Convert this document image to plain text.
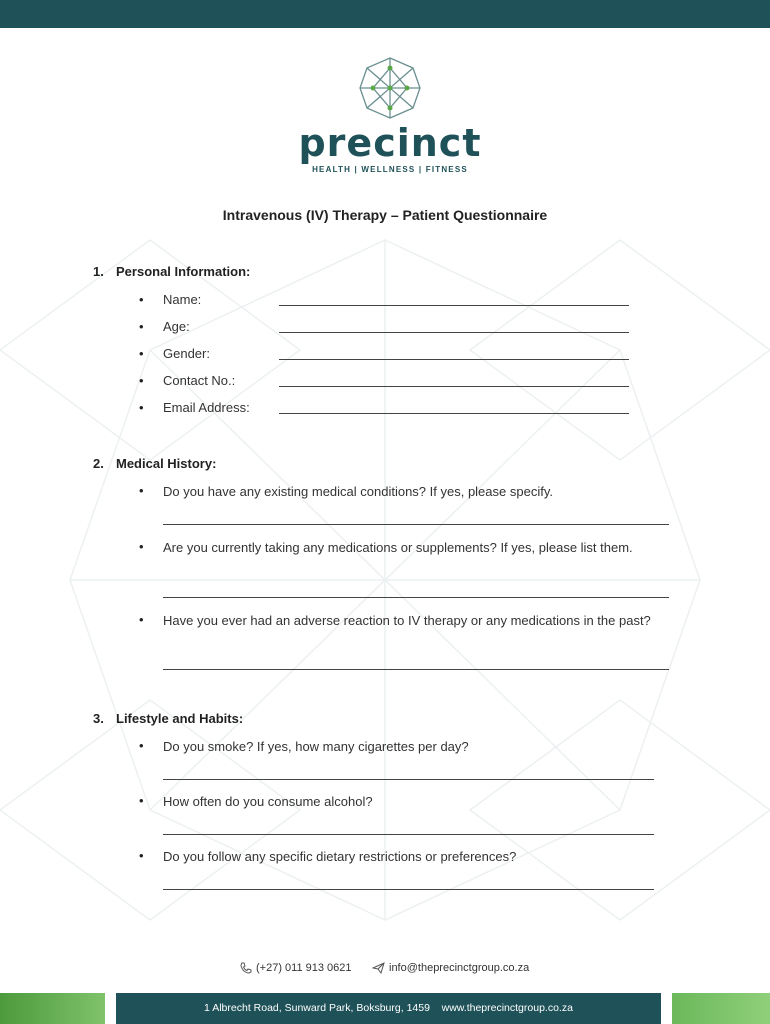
precinct
HEALTH | WELLNESS | FITNESS
Intravenous (IV) Therapy – Patient Questionnaire
1. Personal Information:
• Name:
• Age:
• Gender:
• Contact No.:
• Email Address:
2. Medical History:
• Do you have any existing medical conditions? If yes, please specify.
• Are you currently taking any medications or supplements? If yes, please list them.
• Have you ever had an adverse reaction to IV therapy or any medications in the past?
3. Lifestyle and Habits:
• Do you smoke? If yes, how many cigarettes per day?
• How often do you consume alcohol?
• Do you follow any specific dietary restrictions or preferences?
(+27) 011 913 0621	info@theprecinctgroup.co.za
1 Albrecht Road, Sunward Park, Boksburg, 1459 www.theprecinctgroup.co.za
